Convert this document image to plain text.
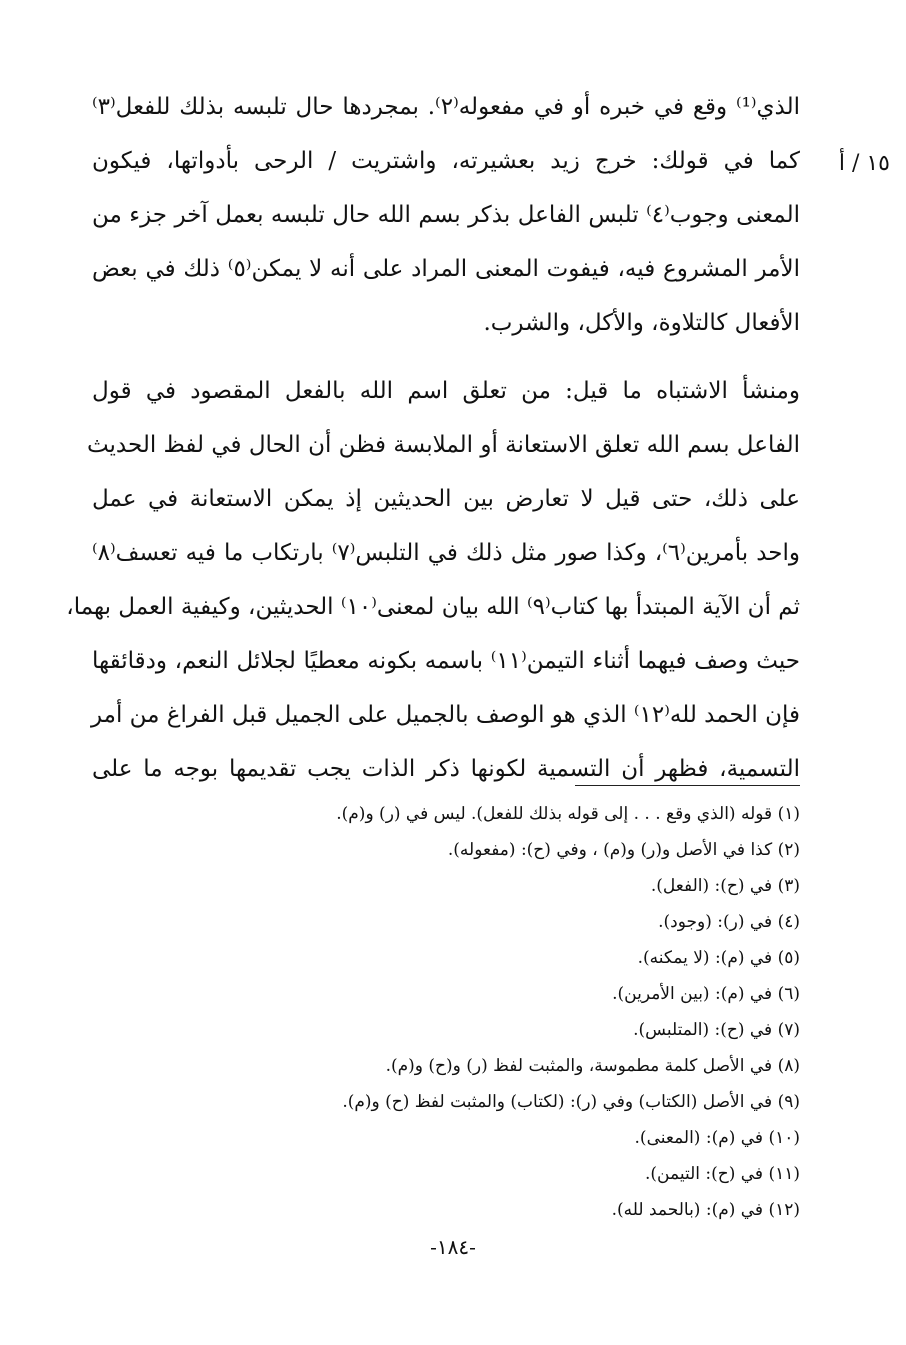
١٥ / أ
الذي⁽¹⁾ وقع في خبره أو في مفعوله⁽٢⁾. بمجردها حال تلبسه بذلك للفعل⁽٣⁾
كما في قولك: خرج زيد بعشيرته، واشتريت / الرحى بأدواتها، فيكون
المعنى وجوب⁽٤⁾ تلبس الفاعل بذكر بسم الله حال تلبسه بعمل آخر جزء من
الأمر المشروع فيه، فيفوت المعنى المراد على أنه لا يمكن⁽٥⁾ ذلك في بعض
الأفعال كالتلاوة، والأكل، والشرب.
ومنشأ الاشتباه ما قيل: من تعلق اسم الله بالفعل المقصود في قول
الفاعل بسم الله تعلق الاستعانة أو الملابسة فظن أن الحال في لفظ الحديث
على ذلك، حتى قيل لا تعارض بين الحديثين إذ يمكن الاستعانة في عمل
واحد بأمرين⁽٦⁾، وكذا صور مثل ذلك في التلبس⁽٧⁾ بارتكاب ما فيه تعسف⁽٨⁾
ثم أن الآية المبتدأ بها كتاب⁽٩⁾ الله بيان لمعنى⁽١٠⁾ الحديثين، وكيفية العمل بهما،
حيث وصف فيهما أثناء التيمن⁽١١⁾ باسمه بكونه معطيًا لجلائل النعم، ودقائقها
فإن الحمد لله⁽١٢⁾ الذي هو الوصف بالجميل على الجميل قبل الفراغ من أمر
التسمية، فظهر أن التسمية لكونها ذكر الذات يجب تقديمها بوجه ما على
(١) قوله (الذي وقع . . . إلى قوله بذلك للفعل). ليس في (ر) و(م).
(٢) كذا في الأصل و(ر) و(م) ، وفي (ح): (مفعوله).
(٣) في (ح): (الفعل).
(٤) في (ر): (وجود).
(٥) في (م): (لا يمكنه).
(٦) في (م): (بين الأمرين).
(٧) في (ح): (المتلبس).
(٨) في الأصل كلمة مطموسة، والمثبت لفظ (ر) و(ح) و(م).
(٩) في الأصل (الكتاب) وفي (ر): (لكتاب) والمثبت لفظ (ح) و(م).
(١٠) في (م): (المعنى).
(١١) في (ح): التيمن).
(١٢) في (م): (بالحمد لله).
-١٨٤-
